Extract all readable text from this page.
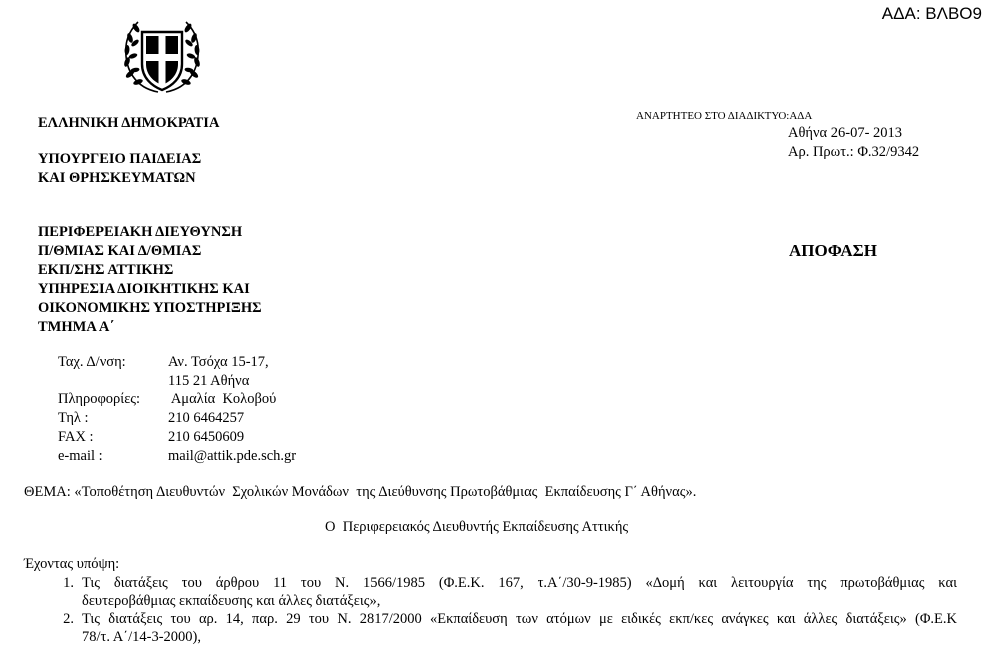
ΑΔΑ: ΒΛΒΟ9
ΕΛΛΗΝΙΚΗ ΔΗΜΟΚΡΑΤΙΑ
ΥΠΟΥΡΓΕΙΟ ΠΑΙΔΕΙΑΣ
ΚΑΙ ΘΡΗΣΚΕΥΜΑΤΩΝ
ΠΕΡΙΦΕΡΕΙΑΚΗ ΔΙΕΥΘΥΝΣΗ
Π/ΘΜΙΑΣ ΚΑΙ Δ/ΘΜΙΑΣ
ΕΚΠ/ΣΗΣ ΑΤΤΙΚΗΣ
ΥΠΗΡΕΣΙΑ ΔΙΟΙΚΗΤΙΚΗΣ ΚΑΙ
ΟΙΚΟΝΟΜΙΚΗΣ ΥΠΟΣΤΗΡΙΞΗΣ
ΤΜΗΜΑ Α΄
ΑΝΑΡΤΗΤΕΟ ΣΤΟ ΔΙΑΔΙΚΤΥΟ:ΑΔΑ
Αθήνα 26-07- 2013
Αρ. Πρωτ.: Φ.32/9342
ΑΠΟΦΑΣΗ
Ταχ. Δ/νση:	Αν. Τσόχα 15-17,
	115 21 Αθήνα
Πληροφορίες:	Αμαλία  Κολοβού
Τηλ :	210 6464257
FAX :	210 6450609
e-mail :	mail@attik.pde.sch.gr
ΘΕΜΑ: «Τοποθέτηση Διευθυντών  Σχολικών Μονάδων  της Διεύθυνσης Πρωτοβάθμιας  Εκπαίδευσης Γ΄ Αθήνας».
Ο  Περιφερειακός Διευθυντής Εκπαίδευσης Αττικής
Έχοντας υπόψη:
1. Τις διατάξεις του άρθρου 11 του Ν. 1566/1985 (Φ.Ε.Κ. 167, τ.Α΄/30-9-1985) «Δομή και λειτουργία της πρωτοβάθμιας και
δευτεροβάθμιας εκπαίδευσης και άλλες διατάξεις»,
2. Τις διατάξεις του αρ. 14, παρ. 29 του Ν. 2817/2000 «Εκπαίδευση των ατόμων με ειδικές εκπ/κες ανάγκες και άλλες διατάξεις» (Φ.Ε.Κ
78/τ. Α΄/14-3-2000),
